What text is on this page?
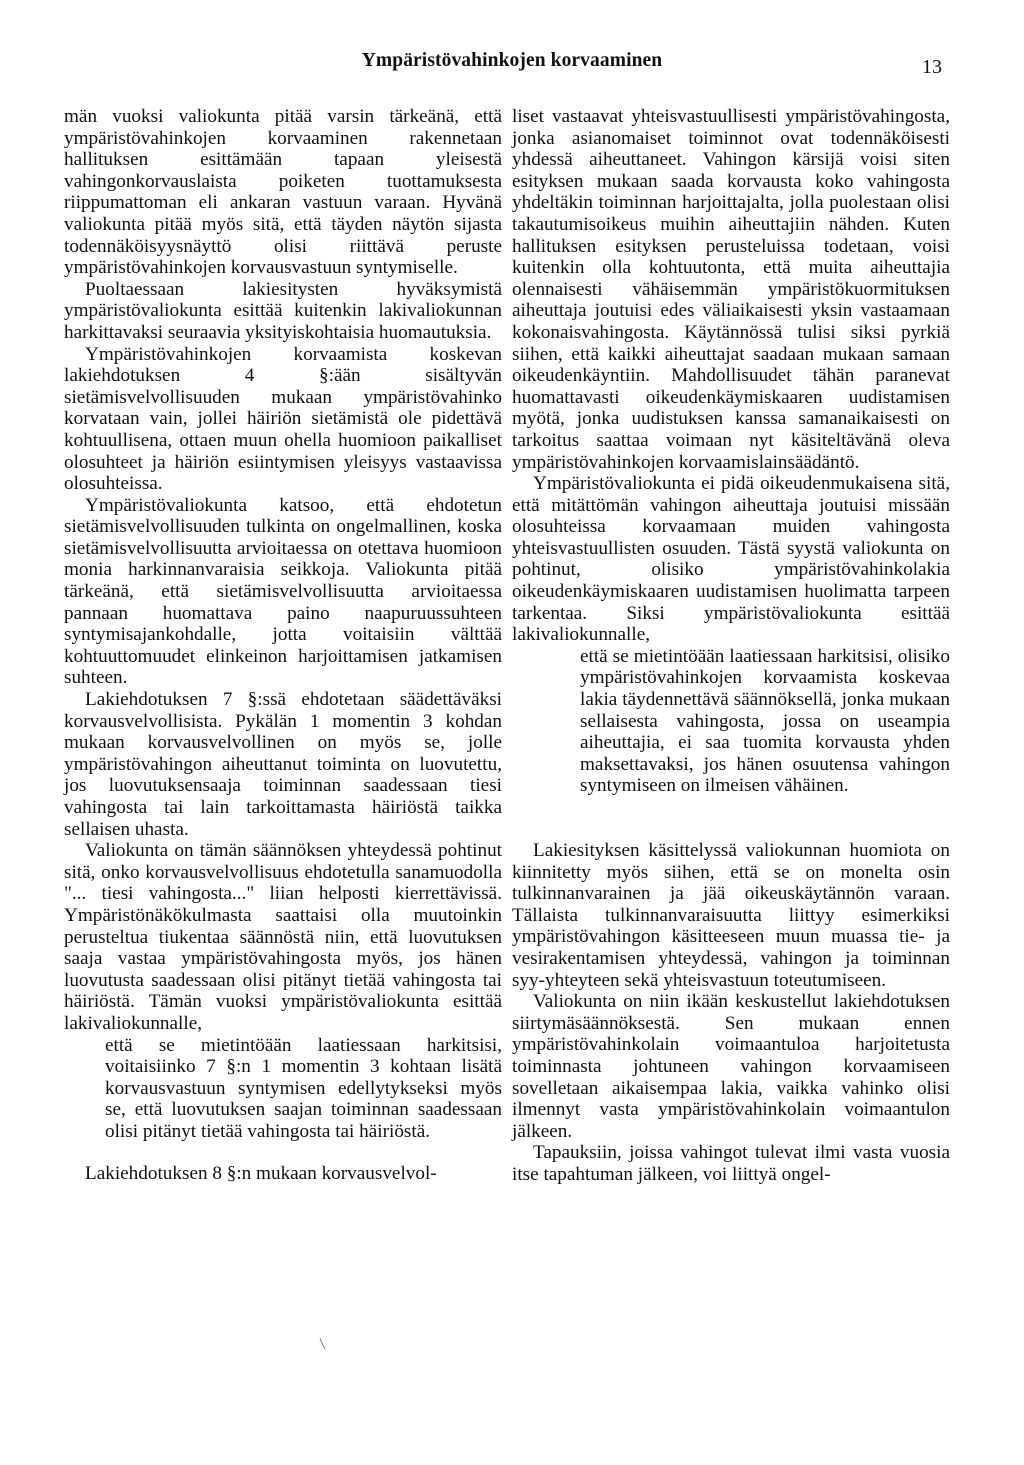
Ympäristövahinkojen korvaaminen	13

män vuoksi valiokunta pitää varsin tärkeänä, että ympäristövahinkojen korvaaminen rakennetaan hallituksen esittämään tapaan yleisestä vahingonkorvauslaista poiketen tuottamuksesta riippumattoman eli ankaran vastuun varaan. Hyvänä valiokunta pitää myös sitä, että täyden näytön sijasta todennäköisyysnäyttö olisi riittävä peruste ympäristövahinkojen korvausvastuun syntymiselle.

Puoltaessaan lakiesitysten hyväksymistä ympäristövaliokunta esittää kuitenkin lakivaliokunnan harkittavaksi seuraavia yksityiskohtaisia huomautuksia.

Ympäristövahinkojen korvaamista koskevan lakiehdotuksen 4 §:ään sisältyvän sietämisvelvollisuuden mukaan ympäristövahinko korvataan vain, jollei häiriön sietämistä ole pidettävä kohtuullisena, ottaen muun ohella huomioon paikalliset olosuhteet ja häiriön esiintymisen yleisyys vastaavissa olosuhteissa.

Ympäristövaliokunta katsoo, että ehdotetun sietämisvelvollisuuden tulkinta on ongelmallinen, koska sietämisvelvollisuutta arvioitaessa on otettava huomioon monia harkinnanvaraisia seikkoja. Valiokunta pitää tärkeänä, että sietämisvelvollisuutta arvioitaessa pannaan huomattava paino naapuruussuhteen syntymisajankohdalle, jotta voitaisiin välttää kohtuuttomuudet elinkeinon harjoittamisen jatkamisen suhteen.

Lakiehdotuksen 7 §:ssä ehdotetaan säädettäväksi korvausvelvollisista. Pykälän 1 momentin 3 kohdan mukaan korvausvelvollinen on myös se, jolle ympäristövahingon aiheuttanut toiminta on luovutettu, jos luovutuksensaaja toiminnan saadessaan tiesi vahingosta tai lain tarkoittamasta häiriöstä taikka sellaisen uhasta.

Valiokunta on tämän säännöksen yhteydessä pohtinut sitä, onko korvausvelvollisuus ehdotetulla sanamuodolla "... tiesi vahingosta..." liian helposti kierrettävissä. Ympäristönäkökulmasta saattaisi olla muutoinkin perusteltua tiukentaa säännöstä niin, että luovutuksen saaja vastaa ympäristövahingosta myös, jos hänen luovutusta saadessaan olisi pitänyt tietää vahingosta tai häiriöstä. Tämän vuoksi ympäristövaliokunta esittää lakivaliokunnalle,

että se mietintöään laatiessaan harkitsisi, voitaisiinko 7 §:n 1 momentin 3 kohtaan lisätä korvausvastuun syntymisen edellytykseksi myös se, että luovutuksen saajan toiminnan saadessaan olisi pitänyt tietää vahingosta tai häiriöstä.

Lakiehdotuksen 8 §:n mukaan korvausvelvol-

liset vastaavat yhteisvastuullisesti ympäristövahingosta, jonka asianomaiset toiminnot ovat todennäköisesti yhdessä aiheuttaneet. Vahingon kärsijä voisi siten esityksen mukaan saada korvausta koko vahingosta yhdeltäkin toiminnan harjoittajalta, jolla puolestaan olisi takautumisoikeus muihin aiheuttajiin nähden. Kuten hallituksen esityksen perusteluissa todetaan, voisi kuitenkin olla kohtuutonta, että muita aiheuttajia olennaisesti vähäisemmän ympäristökuormituksen aiheuttaja joutuisi edes väliaikaisesti yksin vastaamaan kokonaisvahingosta. Käytännössä tulisi siksi pyrkiä siihen, että kaikki aiheuttajat saadaan mukaan samaan oikeudenkäyntiin. Mahdollisuudet tähän paranevat huomattavasti oikeudenkäymiskaaren uudistamisen myötä, jonka uudistuksen kanssa samanaikaisesti on tarkoitus saattaa voimaan nyt käsiteltävänä oleva ympäristövahinkojen korvaamislainsäädäntö.

Ympäristövaliokunta ei pidä oikeudenmukaisena sitä, että mitättömän vahingon aiheuttaja joutuisi missään olosuhteissa korvaamaan muiden vahingosta yhteisvastuullisten osuuden. Tästä syystä valiokunta on pohtinut, olisiko ympäristövahinkolakia oikeudenkäymiskaaren uudistamisen huolimatta tarpeen tarkentaa. Siksi ympäristövaliokunta esittää lakivaliokunnalle,

että se mietintöään laatiessaan harkitsisi, olisiko ympäristövahinkojen korvaamista koskevaa lakia täydennettävä säännöksellä, jonka mukaan sellaisesta vahingosta, jossa on useampia aiheuttajia, ei saa tuomita korvausta yhden maksettavaksi, jos hänen osuutensa vahingon syntymiseen on ilmeisen vähäinen.

Lakiesityksen käsittelyssä valiokunnan huomiota on kiinnitetty myös siihen, että se on monelta osin tulkinnanvarainen ja jää oikeuskäytännön varaan. Tällaista tulkinnanvaraisuutta liittyy esimerkiksi ympäristövahingon käsitteeseen muun muassa tie- ja vesirakentamisen yhteydessä, vahingon ja toiminnan syy-yhteyteen sekä yhteisvastuun toteutumiseen.

Valiokunta on niin ikään keskustellut lakiehdotuksen siirtymäsäännöksestä. Sen mukaan ennen ympäristövahinkolain voimaantuloa harjoitetusta toiminnasta johtuneen vahingon korvaamiseen sovelletaan aikaisempaa lakia, vaikka vahinko olisi ilmennyt vasta ympäristövahinkolain voimaantulon jälkeen.

Tapauksiin, joissa vahingot tulevat ilmi vasta vuosia itse tapahtuman jälkeen, voi liittyä ongel-
